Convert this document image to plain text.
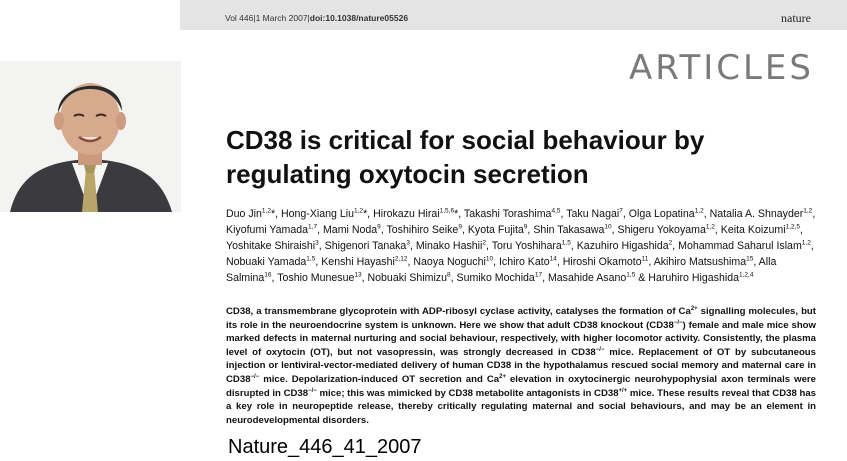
Vol 446|1 March 2007|doi:10.1038/nature05526	nature
ARTICLES
CD38 is critical for social behaviour by
regulating oxytocin secretion

Duo Jin$^{1,2}$*, Hong-Xiang Liu$^{1,2}$*, Hirokazu Hirai$^{1,5,6}$*, Takashi Torashima$^{4,5}$, Taku Nagai$^7$, Olga Lopatina$^{1,2}$, Natalia A. Shnayder$^{1,2}$, Kiyofumi Yamada$^{1,7}$, Mami Noda$^9$, Toshihiro Seike$^9$, Kyota Fujita$^9$, Shin Takasawa$^{10}$, Shigeru Yokoyama$^{1,2}$, Keita Koizumi$^{1,2,5}$, Yoshitake Shiraishi$^3$, Shigenori Tanaka$^3$, Minako Hashii$^2$, Toru Yoshihara$^{1,5}$, Kazuhiro Higashida$^2$, Mohammad Saharul Islam$^{1,2}$, Nobuaki Yamada$^{1,5}$, Kenshi Hayashi$^{2,12}$, Naoya Noguchi$^{10}$, Ichiro Kato$^{14}$, Hiroshi Okamoto$^{11}$, Akihiro Matsushima$^{15}$, Alla Salmina$^{16}$, Toshio Munesue$^{13}$, Nobuaki Shimizu$^8$, Sumiko Mochida$^{17}$, Masahide Asano$^{1,5}$ & Haruhiro Higashida$^{1,2,4}$

CD38, a transmembrane glycoprotein with ADP-ribosyl cyclase activity, catalyses the formation of $Ca^{2+}$ signalling molecules, but its role in the neuroendocrine system is unknown. Here we show that adult CD38 knockout (CD38−/−) female and male mice show marked defects in maternal nurturing and social behaviour, respectively, with higher locomotor activity. Consistently, the plasma level of oxytocin (OT), but not vasopressin, was strongly decreased in CD38−/− mice. Replacement of OT by subcutaneous injection or lentiviral-vector-mediated delivery of human CD38 in the hypothalamus rescued social memory and maternal care in CD38−/− mice. Depolarization-induced OT secretion and $Ca^{2+}$ elevation in oxytocinergic neurohypophysial axon terminals were disrupted in CD38−/− mice; this was mimicked by CD38 metabolite antagonists in CD38+/+ mice. These results reveal that CD38 has a key role in neuropeptide release, thereby critically regulating maternal and social behaviours, and may be an element in neurodevelopmental disorders.

Nature_446_41_2007
